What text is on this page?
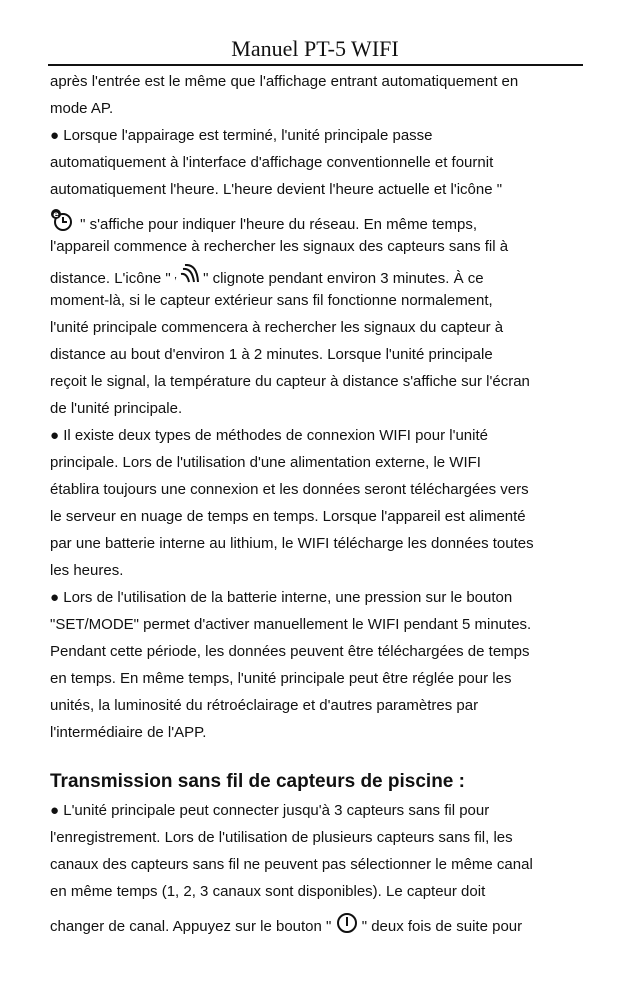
Manuel PT-5 WIFI
après l'entrée est le même que l'affichage entrant automatiquement en
mode AP.
● Lorsque l'appairage est terminé, l'unité principale passe
automatiquement à l'interface d'affichage conventionnelle et fournit
automatiquement l'heure. L'heure devient l'heure actuelle et l'icône "
e
" s'affiche pour indiquer l'heure du réseau. En même temps,
l'appareil commence à rechercher les signaux des capteurs sans fil à
distance. L'icône " " clignote pendant environ 3 minutes. À ce
moment-là, si le capteur extérieur sans fil fonctionne normalement,
l'unité principale commencera à rechercher les signaux du capteur à
distance au bout d'environ 1 à 2 minutes. Lorsque l'unité principale
reçoit le signal, la température du capteur à distance s'affiche sur l'écran
de l'unité principale.
● Il existe deux types de méthodes de connexion WIFI pour l'unité
principale. Lors de l'utilisation d'une alimentation externe, le WIFI
établira toujours une connexion et les données seront téléchargées vers
le serveur en nuage de temps en temps. Lorsque l'appareil est alimenté
par une batterie interne au lithium, le WIFI télécharge les données toutes
les heures.
● Lors de l'utilisation de la batterie interne, une pression sur le bouton
"SET/MODE" permet d'activer manuellement le WIFI pendant 5 minutes.
Pendant cette période, les données peuvent être téléchargées de temps
en temps. En même temps, l'unité principale peut être réglée pour les
unités, la luminosité du rétroéclairage et d'autres paramètres par
l'intermédiaire de l'APP.
Transmission sans fil de capteurs de piscine :
● L'unité principale peut connecter jusqu'à 3 capteurs sans fil pour
l'enregistrement. Lors de l'utilisation de plusieurs capteurs sans fil, les
canaux des capteurs sans fil ne peuvent pas sélectionner le même canal
en même temps (1, 2, 3 canaux sont disponibles). Le capteur doit
changer de canal. Appuyez sur le bouton " " deux fois de suite pour
